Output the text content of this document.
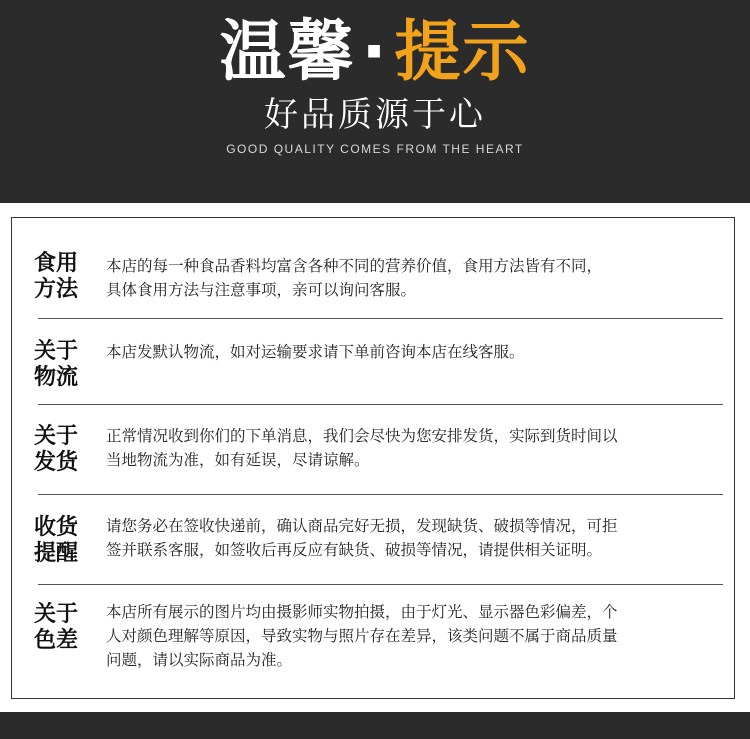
温馨·提示
好品质源于心
GOOD QUALITY COMES FROM THE HEART
食用
方法
本店的每一种食品香料均富含各种不同的营养价值，食用方法皆有不同，
具体食用方法与注意事项，亲可以询问客服。
关于
物流
本店发默认物流，如对运输要求请下单前咨询本店在线客服。
关于
发货
正常情况收到你们的下单消息，我们会尽快为您安排发货，实际到货时间以
当地物流为准，如有延误，尽请谅解。
收货
提醒
请您务必在签收快递前，确认商品完好无损，发现缺货、破损等情况，可拒
签并联系客服，如签收后再反应有缺货、破损等情况，请提供相关证明。
关于
色差
本店所有展示的图片均由摄影师实物拍摄，由于灯光、显示器色彩偏差，个
人对颜色理解等原因，导致实物与照片存在差异，该类问题不属于商品质量
问题，请以实际商品为准。
